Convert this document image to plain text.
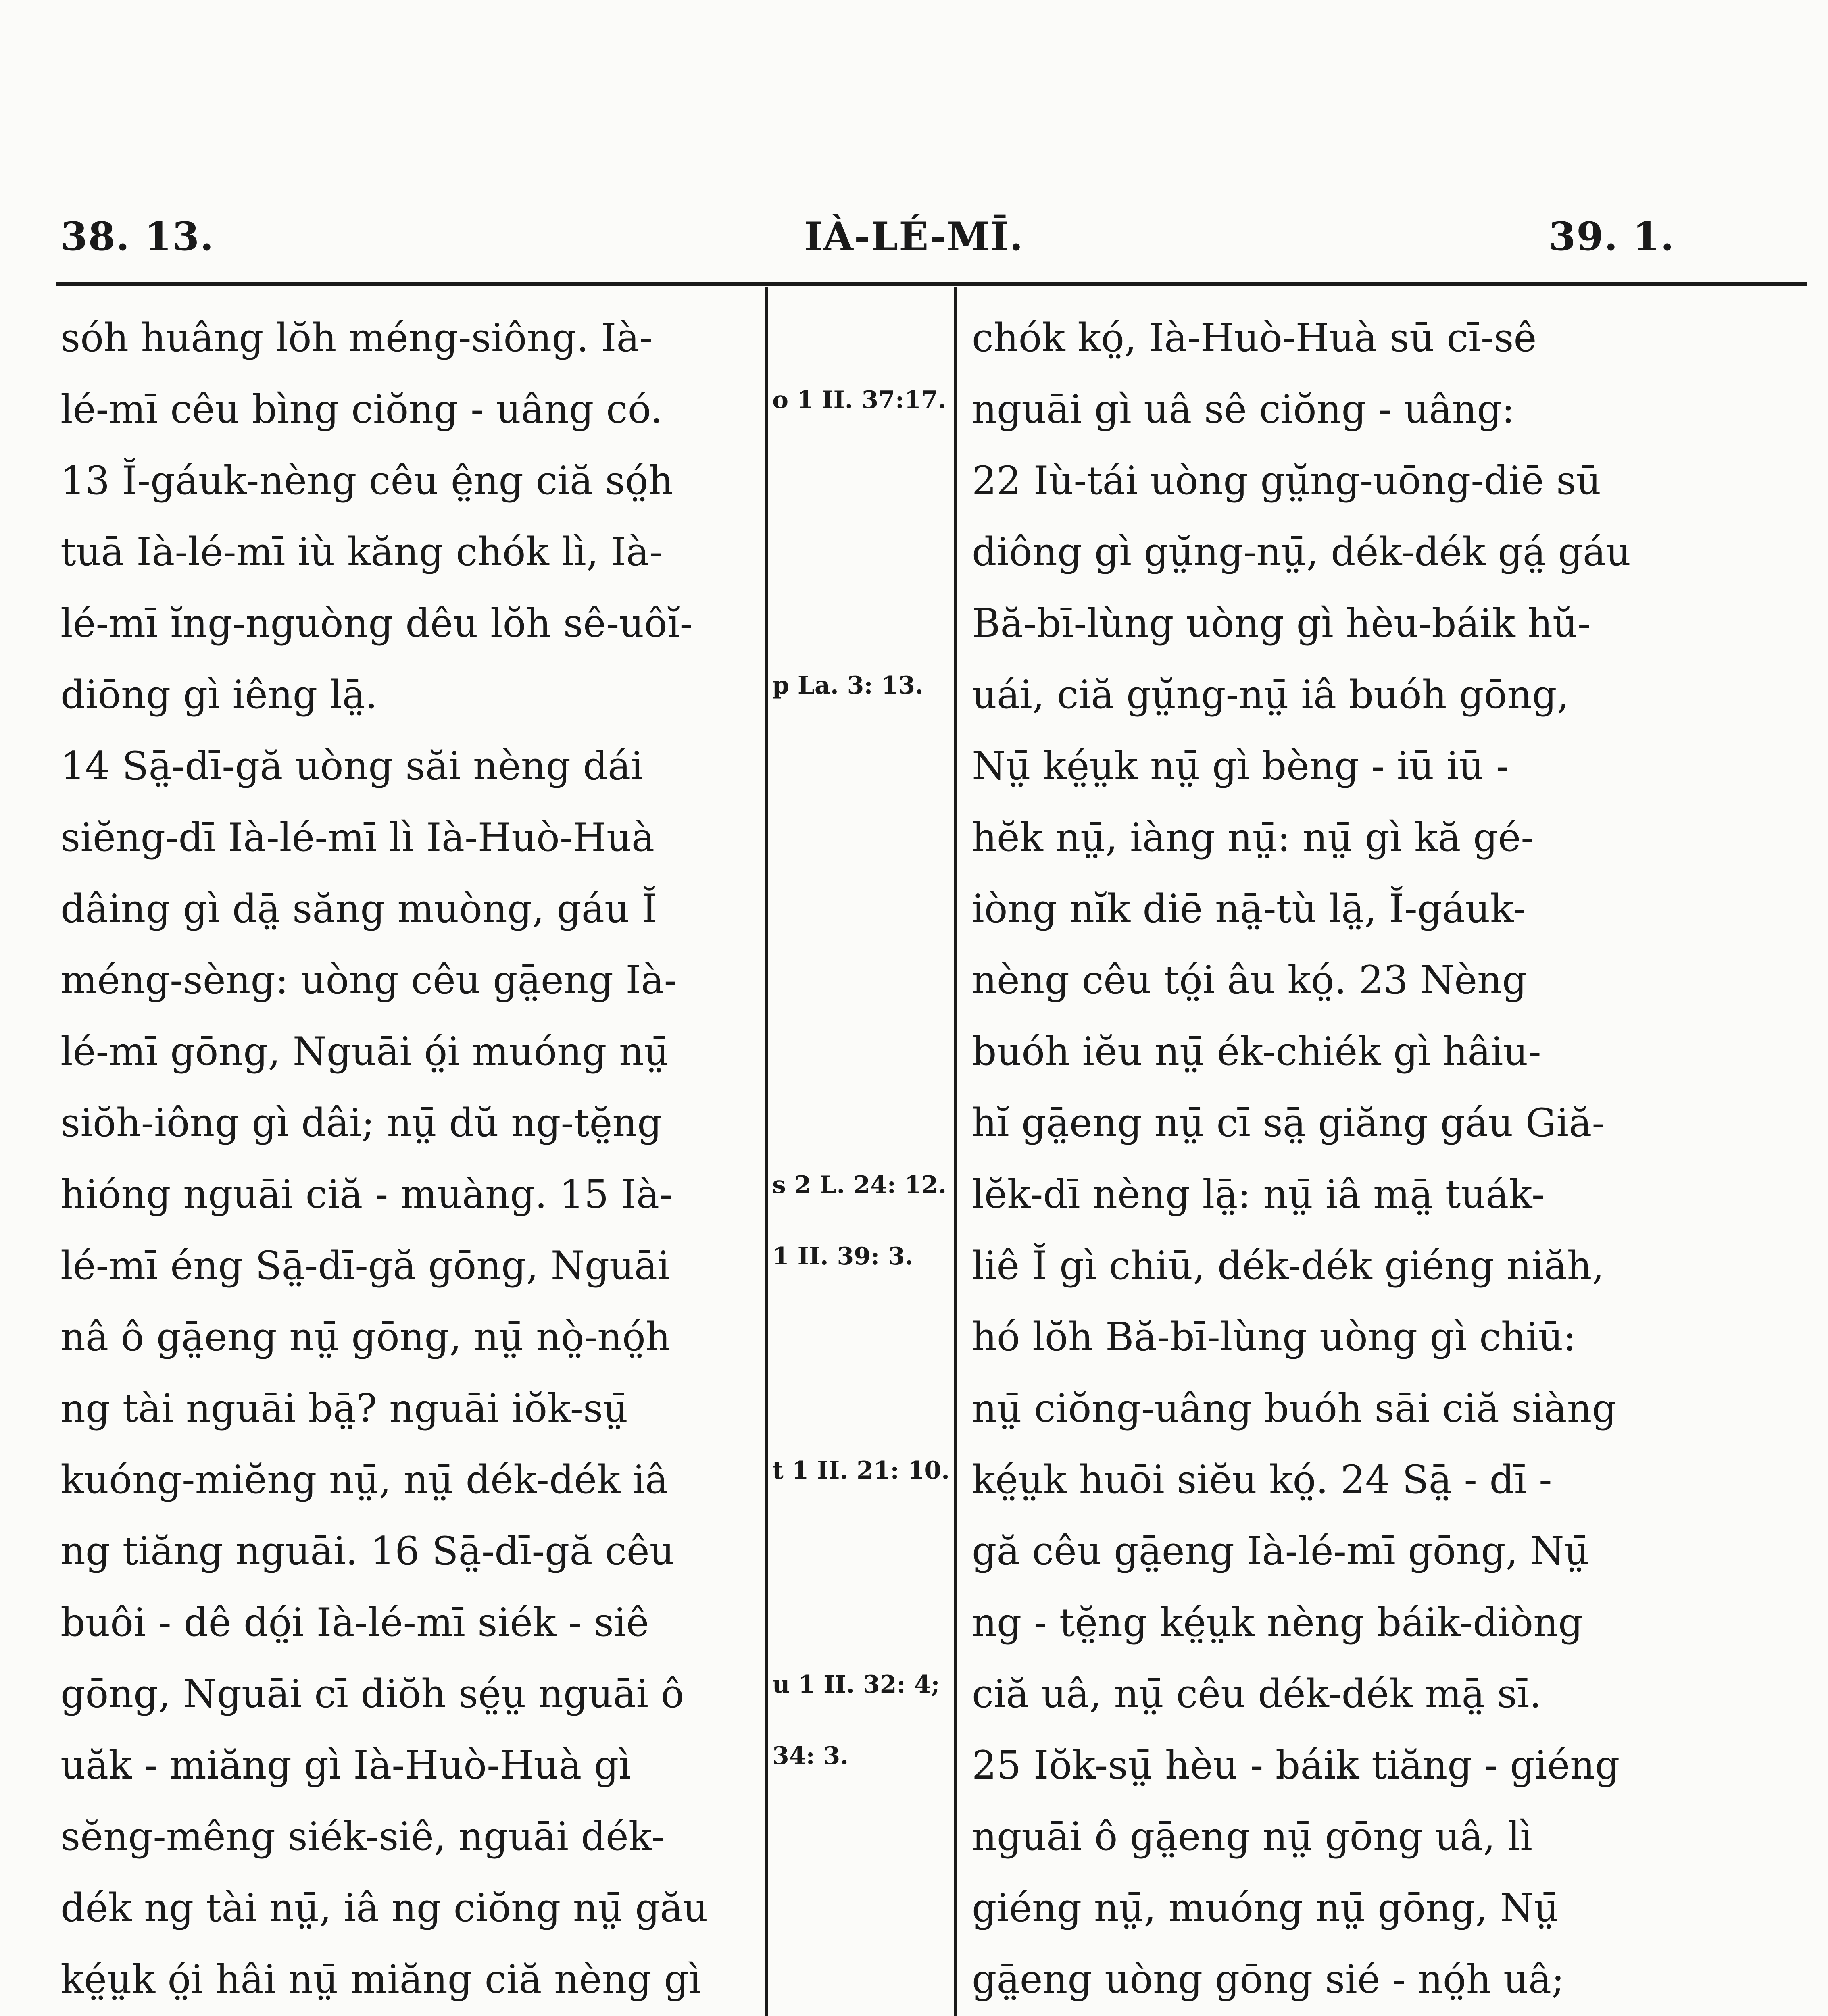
38. 13.	IÀ-LÉ-MĪ.	39. 1.
sóh huâng lŏh méng-siông. Ià-
lé-mī cêu bìng ciŏng - uâng có.
13 Ĭ-gáuk-nèng cêu ê̤ng ciă só̤h
tuā Ià-lé-mī iù kăng chók lì, Ià-
lé-mī ĭng-nguòng dêu lŏh sê-uôĭ-
diōng gì iêng lā̤.
14 Sā̤-dī-gă uòng săi nèng dái
siĕng-dī Ià-lé-mī lì Ià-Huò-Huà
dâing gì dā̤ săng muòng, gáu Ĭ
méng-sèng: uòng cêu gā̤eng Ià-
lé-mī gōng, Nguāi ó̤i muóng nṳ̄
siŏh-iông gì dâi; nṳ̄ dŭ ng-tĕ̤ng
hióng nguāi ciă - muàng. 15 Ià-
lé-mī éng Sā̤-dī-gă gōng, Nguāi
nâ ô gā̤eng nṳ̄ gōng, nṳ̄ nò̤-nó̤h
ng tài nguāi bā̤? nguāi iŏk-sṳ̄
kuóng-miĕng nṳ̄, nṳ̄ dék-dék iâ
ng tiăng nguāi. 16 Sā̤-dī-gă cêu
buôi - dê dó̤i Ià-lé-mī siék - siê
gōng, Nguāi cī diŏh sé̤ṳ nguāi ô
uăk - miăng gì Ià-Huò-Huà gì
sĕng-mêng siék-siê, nguāi dék-
dék ng tài nṳ̄, iâ ng ciŏng nṳ̄ gău
ké̤ṳk ó̤i hâi nṳ̄ miăng ciă nèng gì
o 1 II. 37:17.
p La. 3: 13.
s 2 L. 24: 12.
1 II. 39: 3.
t 1 II. 21: 10.
u 1 II. 32: 4;
34: 3.
chók kó̤, Ià-Huò-Huà sū cī-sê
nguāi gì uâ sê ciŏng - uâng:
22 Iù-tái uòng gṳ̆ng-uōng-diē sū
diông gì gṳ̆ng-nṳ̄, dék-dék gá̤ gáu
Bă-bī-lùng uòng gì hèu-báik hŭ-
uái, ciă gṳ̆ng-nṳ̄ iâ buóh gōng,
Nṳ̄ ké̤ṳk nṳ̄ gì bèng - iū iū -
hĕk nṳ̄, iàng nṳ̄: nṳ̄ gì kă gé-
iòng nĭk diē nā̤-tù lā̤, Ĭ-gáuk-
nèng cêu tó̤i âu kó̤. 23 Nèng
buóh iĕu nṳ̄ ék-chiék gì hâiu-
hĭ gā̤eng nṳ̄ cī sā̤ giăng gáu Giă-
lĕk-dī nèng lā̤: nṳ̄ iâ mā̤ tuák-
liê Ĭ gì chiū, dék-dék giéng niăh,
hó lŏh Bă-bī-lùng uòng gì chiū:
nṳ̄ ciŏng-uâng buóh sāi ciă siàng
ké̤ṳk huōi siĕu kó̤. 24 Sā̤ - dī -
gă cêu gā̤eng Ià-lé-mī gōng, Nṳ̄
ng - tĕ̤ng ké̤ṳk nèng báik-diòng
ciă uâ, nṳ̄ cêu dék-dék mā̤ sī.
25 Iŏk-sṳ̄ hèu - báik tiăng - giéng
nguāi ô gā̤eng nṳ̄ gōng uâ, lì
giéng nṳ̄, muóng nṳ̄ gōng, Nṳ̄
gā̤eng uòng gōng sié - nó̤h uâ;
